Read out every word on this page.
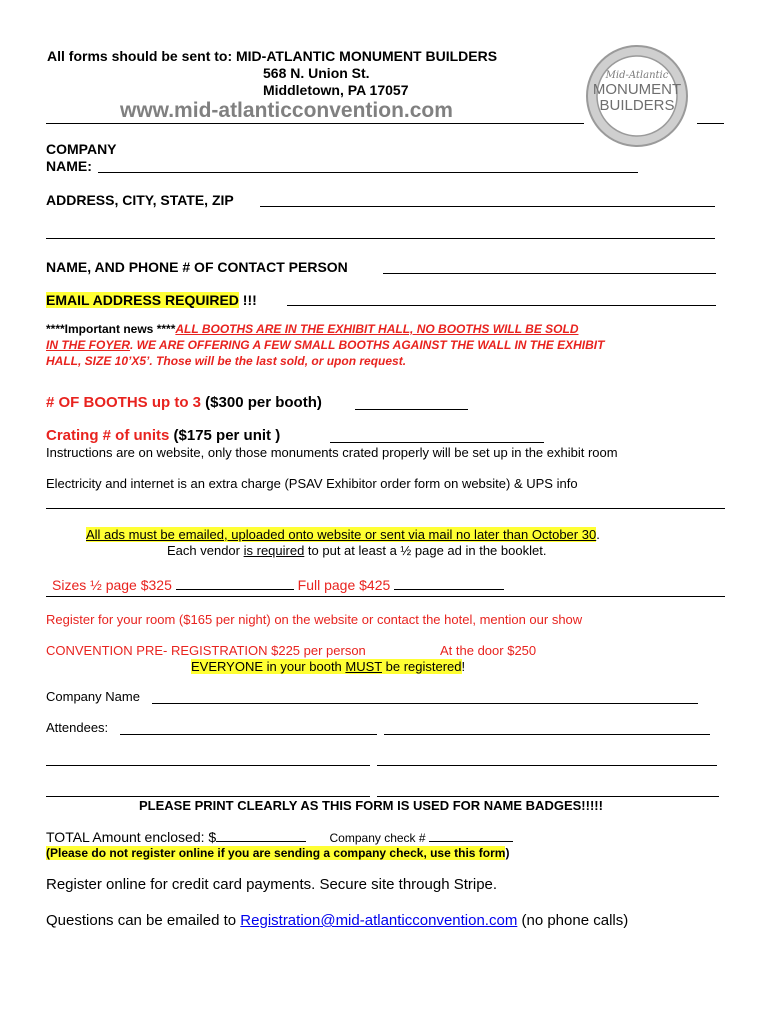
All forms should be sent to: MID-ATLANTIC MONUMENT BUILDERS
568 N. Union St.
Middletown, PA 17057
www.mid-atlanticconvention.com
Mid-Atlantic
MONUMENT
BUILDERS
COMPANY
NAME:
ADDRESS, CITY, STATE, ZIP
NAME, AND PHONE # OF CONTACT PERSON
EMAIL ADDRESS REQUIRED !!!
****Important news ****ALL BOOTHS ARE IN THE EXHIBIT HALL, NO BOOTHS WILL BE SOLD
IN THE FOYER. WE ARE OFFERING A FEW SMALL BOOTHS AGAINST THE WALL IN THE EXHIBIT
HALL, SIZE 10’X5’. Those will be the last sold, or upon request.
# OF BOOTHS up to 3 ($300 per booth)
Crating # of units ($175 per unit )
Instructions are on website, only those monuments crated properly will be set up in the exhibit room
Electricity and internet is an extra charge (PSAV Exhibitor order form on website) & UPS info
All ads must be emailed, uploaded onto website or sent via mail no later than October 30.
Each vendor is required to put at least a ½ page ad in the booklet.
Sizes ½ page $325	Full page $425
Register for your room ($165 per night) on the website or contact the hotel, mention our show
CONVENTION PRE- REGISTRATION $225 per person	At the door $250
EVERYONE in your booth MUST be registered!
Company Name
Attendees:
PLEASE PRINT CLEARLY AS THIS FORM IS USED FOR NAME BADGES!!!!!
TOTAL Amount enclosed: $	Company check #
(Please do not register online if you are sending a company check, use this form)
Register online for credit card payments. Secure site through Stripe.
Questions can be emailed to Registration@mid-atlanticconvention.com (no phone calls)
